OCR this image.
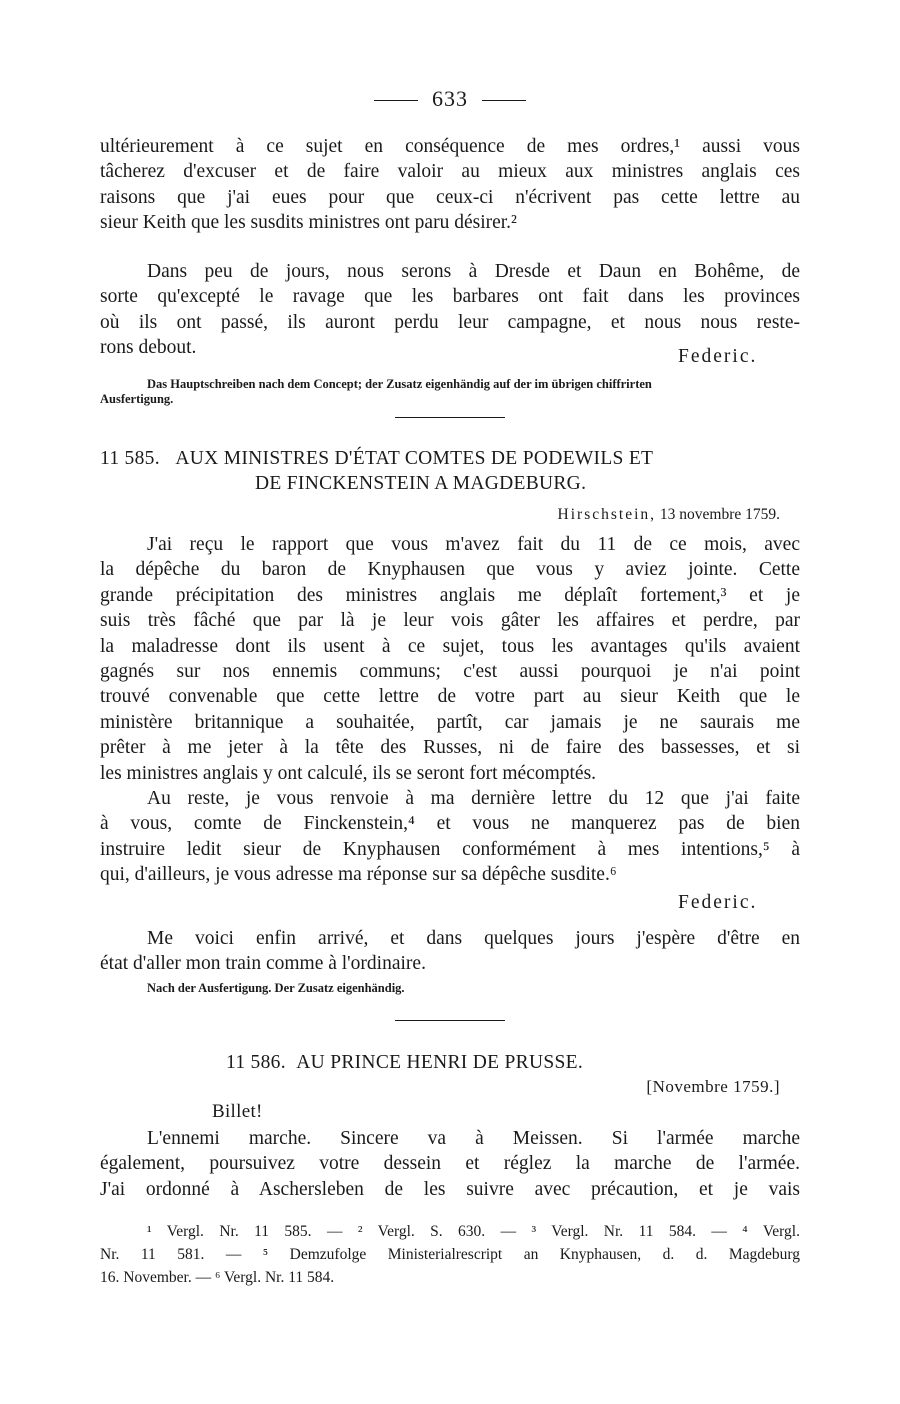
633
ultérieurement à ce sujet en conséquence de mes ordres,¹ aussi vous
tâcherez d'excuser et de faire valoir au mieux aux ministres anglais ces
raisons que j'ai eues pour que ceux-ci n'écrivent pas cette lettre au
sieur Keith que les susdits ministres ont paru désirer.²
Dans peu de jours, nous serons à Dresde et Daun en Bohême, de
sorte qu'excepté le ravage que les barbares ont fait dans les provinces
où ils ont passé, ils auront perdu leur campagne, et nous nous reste-
rons debout.	Federic.
Das Hauptschreiben nach dem Concept; der Zusatz eigenhändig auf der im übrigen chiffrirten
Ausfertigung.
11 585. AUX MINISTRES D'ÉTAT COMTES DE PODEWILS ET
DE FINCKENSTEIN A MAGDEBURG.
Hirschstein, 13 novembre 1759.
J'ai reçu le rapport que vous m'avez fait du 11 de ce mois, avec
la dépêche du baron de Knyphausen que vous y aviez jointe. Cette
grande précipitation des ministres anglais me déplaît fortement,³ et je
suis très fâché que par là je leur vois gâter les affaires et perdre, par
la maladresse dont ils usent à ce sujet, tous les avantages qu'ils avaient
gagnés sur nos ennemis communs; c'est aussi pourquoi je n'ai point
trouvé convenable que cette lettre de votre part au sieur Keith que le
ministère britannique a souhaitée, partît, car jamais je ne saurais me
prêter à me jeter à la tête des Russes, ni de faire des bassesses, et si
les ministres anglais y ont calculé, ils se seront fort mécomptés.
Au reste, je vous renvoie à ma dernière lettre du 12 que j'ai faite
à vous, comte de Finckenstein,⁴ et vous ne manquerez pas de bien
instruire ledit sieur de Knyphausen conformément à mes intentions,⁵ à
qui, d'ailleurs, je vous adresse ma réponse sur sa dépêche susdite.⁶
Federic.
Me voici enfin arrivé, et dans quelques jours j'espère d'être en
état d'aller mon train comme à l'ordinaire.
Nach der Ausfertigung. Der Zusatz eigenhändig.
11 586. AU PRINCE HENRI DE PRUSSE.
[Novembre 1759.]
Billet!
L'ennemi marche. Sincere va à Meissen. Si l'armée marche
également, poursuivez votre dessein et réglez la marche de l'armée.
J'ai ordonné à Aschersleben de les suivre avec précaution, et je vais
¹ Vergl. Nr. 11 585. — ² Vergl. S. 630. — ³ Vergl. Nr. 11 584. — ⁴ Vergl.
Nr. 11 581. — ⁵ Demzufolge Ministerialrescript an Knyphausen, d. d. Magdeburg
16. November. — ⁶ Vergl. Nr. 11 584.
